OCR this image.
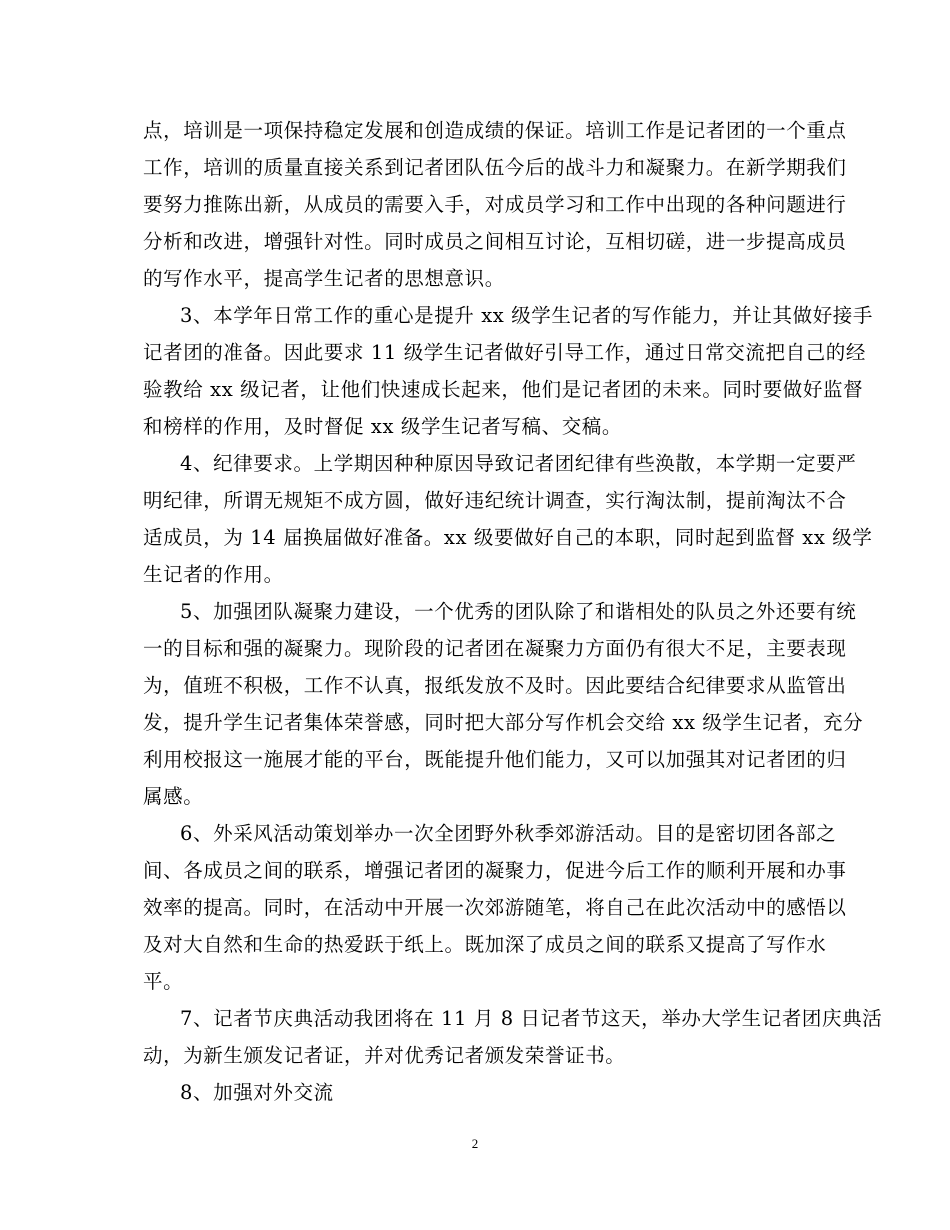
点，培训是一项保持稳定发展和创造成绩的保证。培训工作是记者团的一个重点
工作，培训的质量直接关系到记者团队伍今后的战斗力和凝聚力。在新学期我们
要努力推陈出新，从成员的需要入手，对成员学习和工作中出现的各种问题进行
分析和改进，增强针对性。同时成员之间相互讨论，互相切磋，进一步提高成员
的写作水平，提高学生记者的思想意识。
3、本学年日常工作的重心是提升 xx 级学生记者的写作能力，并让其做好接手
记者团的准备。因此要求 11 级学生记者做好引导工作，通过日常交流把自己的经
验教给 xx 级记者，让他们快速成长起来，他们是记者团的未来。同时要做好监督
和榜样的作用，及时督促 xx 级学生记者写稿、交稿。
4、纪律要求。上学期因种种原因导致记者团纪律有些涣散，本学期一定要严
明纪律，所谓无规矩不成方圆，做好违纪统计调查，实行淘汰制，提前淘汰不合
适成员，为 14 届换届做好准备。xx 级要做好自己的本职，同时起到监督 xx 级学
生记者的作用。
5、加强团队凝聚力建设，一个优秀的团队除了和谐相处的队员之外还要有统
一的目标和强的凝聚力。现阶段的记者团在凝聚力方面仍有很大不足，主要表现
为，值班不积极，工作不认真，报纸发放不及时。因此要结合纪律要求从监管出
发，提升学生记者集体荣誉感，同时把大部分写作机会交给 xx 级学生记者，充分
利用校报这一施展才能的平台，既能提升他们能力，又可以加强其对记者团的归
属感。
6、外采风活动策划举办一次全团野外秋季郊游活动。目的是密切团各部之
间、各成员之间的联系，增强记者团的凝聚力，促进今后工作的顺利开展和办事
效率的提高。同时，在活动中开展一次郊游随笔，将自己在此次活动中的感悟以
及对大自然和生命的热爱跃于纸上。既加深了成员之间的联系又提高了写作水
平。
7、记者节庆典活动我团将在 11 月 8 日记者节这天，举办大学生记者团庆典活
动，为新生颁发记者证，并对优秀记者颁发荣誉证书。
8、加强对外交流
2
